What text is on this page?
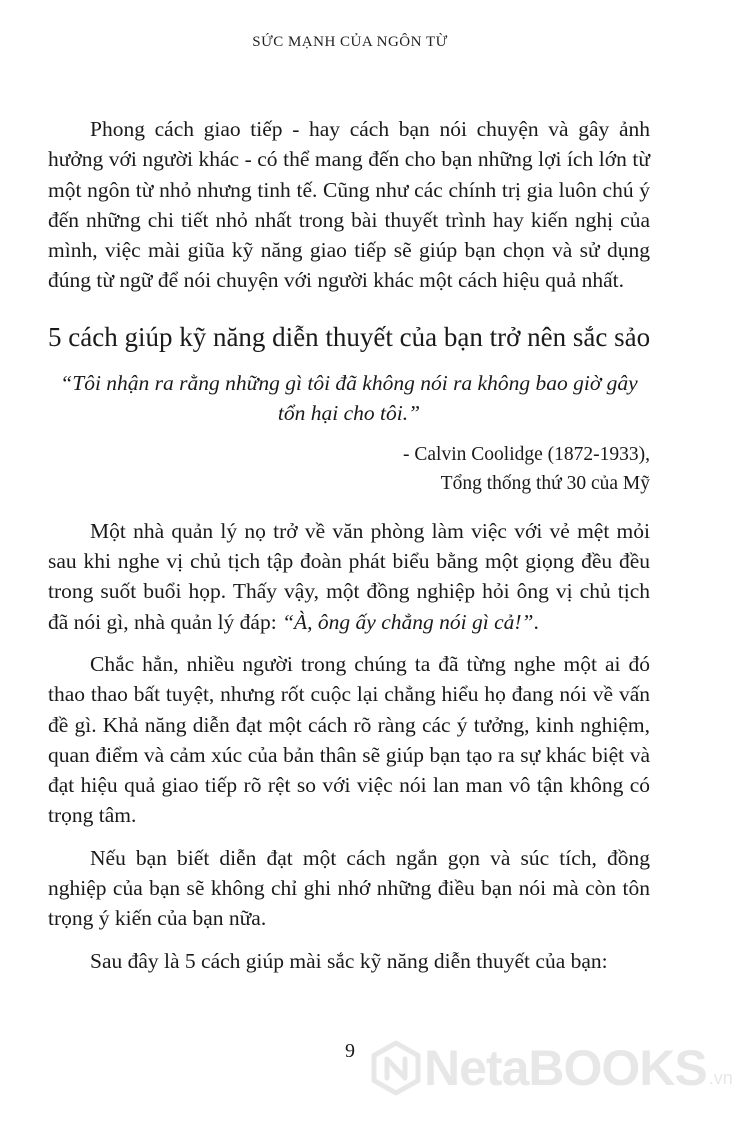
SỨC MẠNH CỦA NGÔN TỪ

Phong cách giao tiếp - hay cách bạn nói chuyện và gây ảnh hưởng với người khác - có thể mang đến cho bạn những lợi ích lớn từ một ngôn từ nhỏ nhưng tinh tế. Cũng như các chính trị gia luôn chú ý đến những chi tiết nhỏ nhất trong bài thuyết trình hay kiến nghị của mình, việc mài giũa kỹ năng giao tiếp sẽ giúp bạn chọn và sử dụng đúng từ ngữ để nói chuyện với người khác một cách hiệu quả nhất.

5 cách giúp kỹ năng diễn thuyết của bạn trở nên sắc sảo

“Tôi nhận ra rằng những gì tôi đã không nói ra không bao giờ gây tổn hại cho tôi.”

- Calvin Coolidge (1872-1933),
Tổng thống thứ 30 của Mỹ

Một nhà quản lý nọ trở về văn phòng làm việc với vẻ mệt mỏi sau khi nghe vị chủ tịch tập đoàn phát biểu bằng một giọng đều đều trong suốt buổi họp. Thấy vậy, một đồng nghiệp hỏi ông vị chủ tịch đã nói gì, nhà quản lý đáp: “À, ông ấy chẳng nói gì cả!”.

Chắc hẳn, nhiều người trong chúng ta đã từng nghe một ai đó thao thao bất tuyệt, nhưng rốt cuộc lại chẳng hiểu họ đang nói về vấn đề gì. Khả năng diễn đạt một cách rõ ràng các ý tưởng, kinh nghiệm, quan điểm và cảm xúc của bản thân sẽ giúp bạn tạo ra sự khác biệt và đạt hiệu quả giao tiếp rõ rệt so với việc nói lan man vô tận không có trọng tâm.

Nếu bạn biết diễn đạt một cách ngắn gọn và súc tích, đồng nghiệp của bạn sẽ không chỉ ghi nhớ những điều bạn nói mà còn tôn trọng ý kiến của bạn nữa.

Sau đây là 5 cách giúp mài sắc kỹ năng diễn thuyết của bạn:

9	NetaBOOKS .vn
